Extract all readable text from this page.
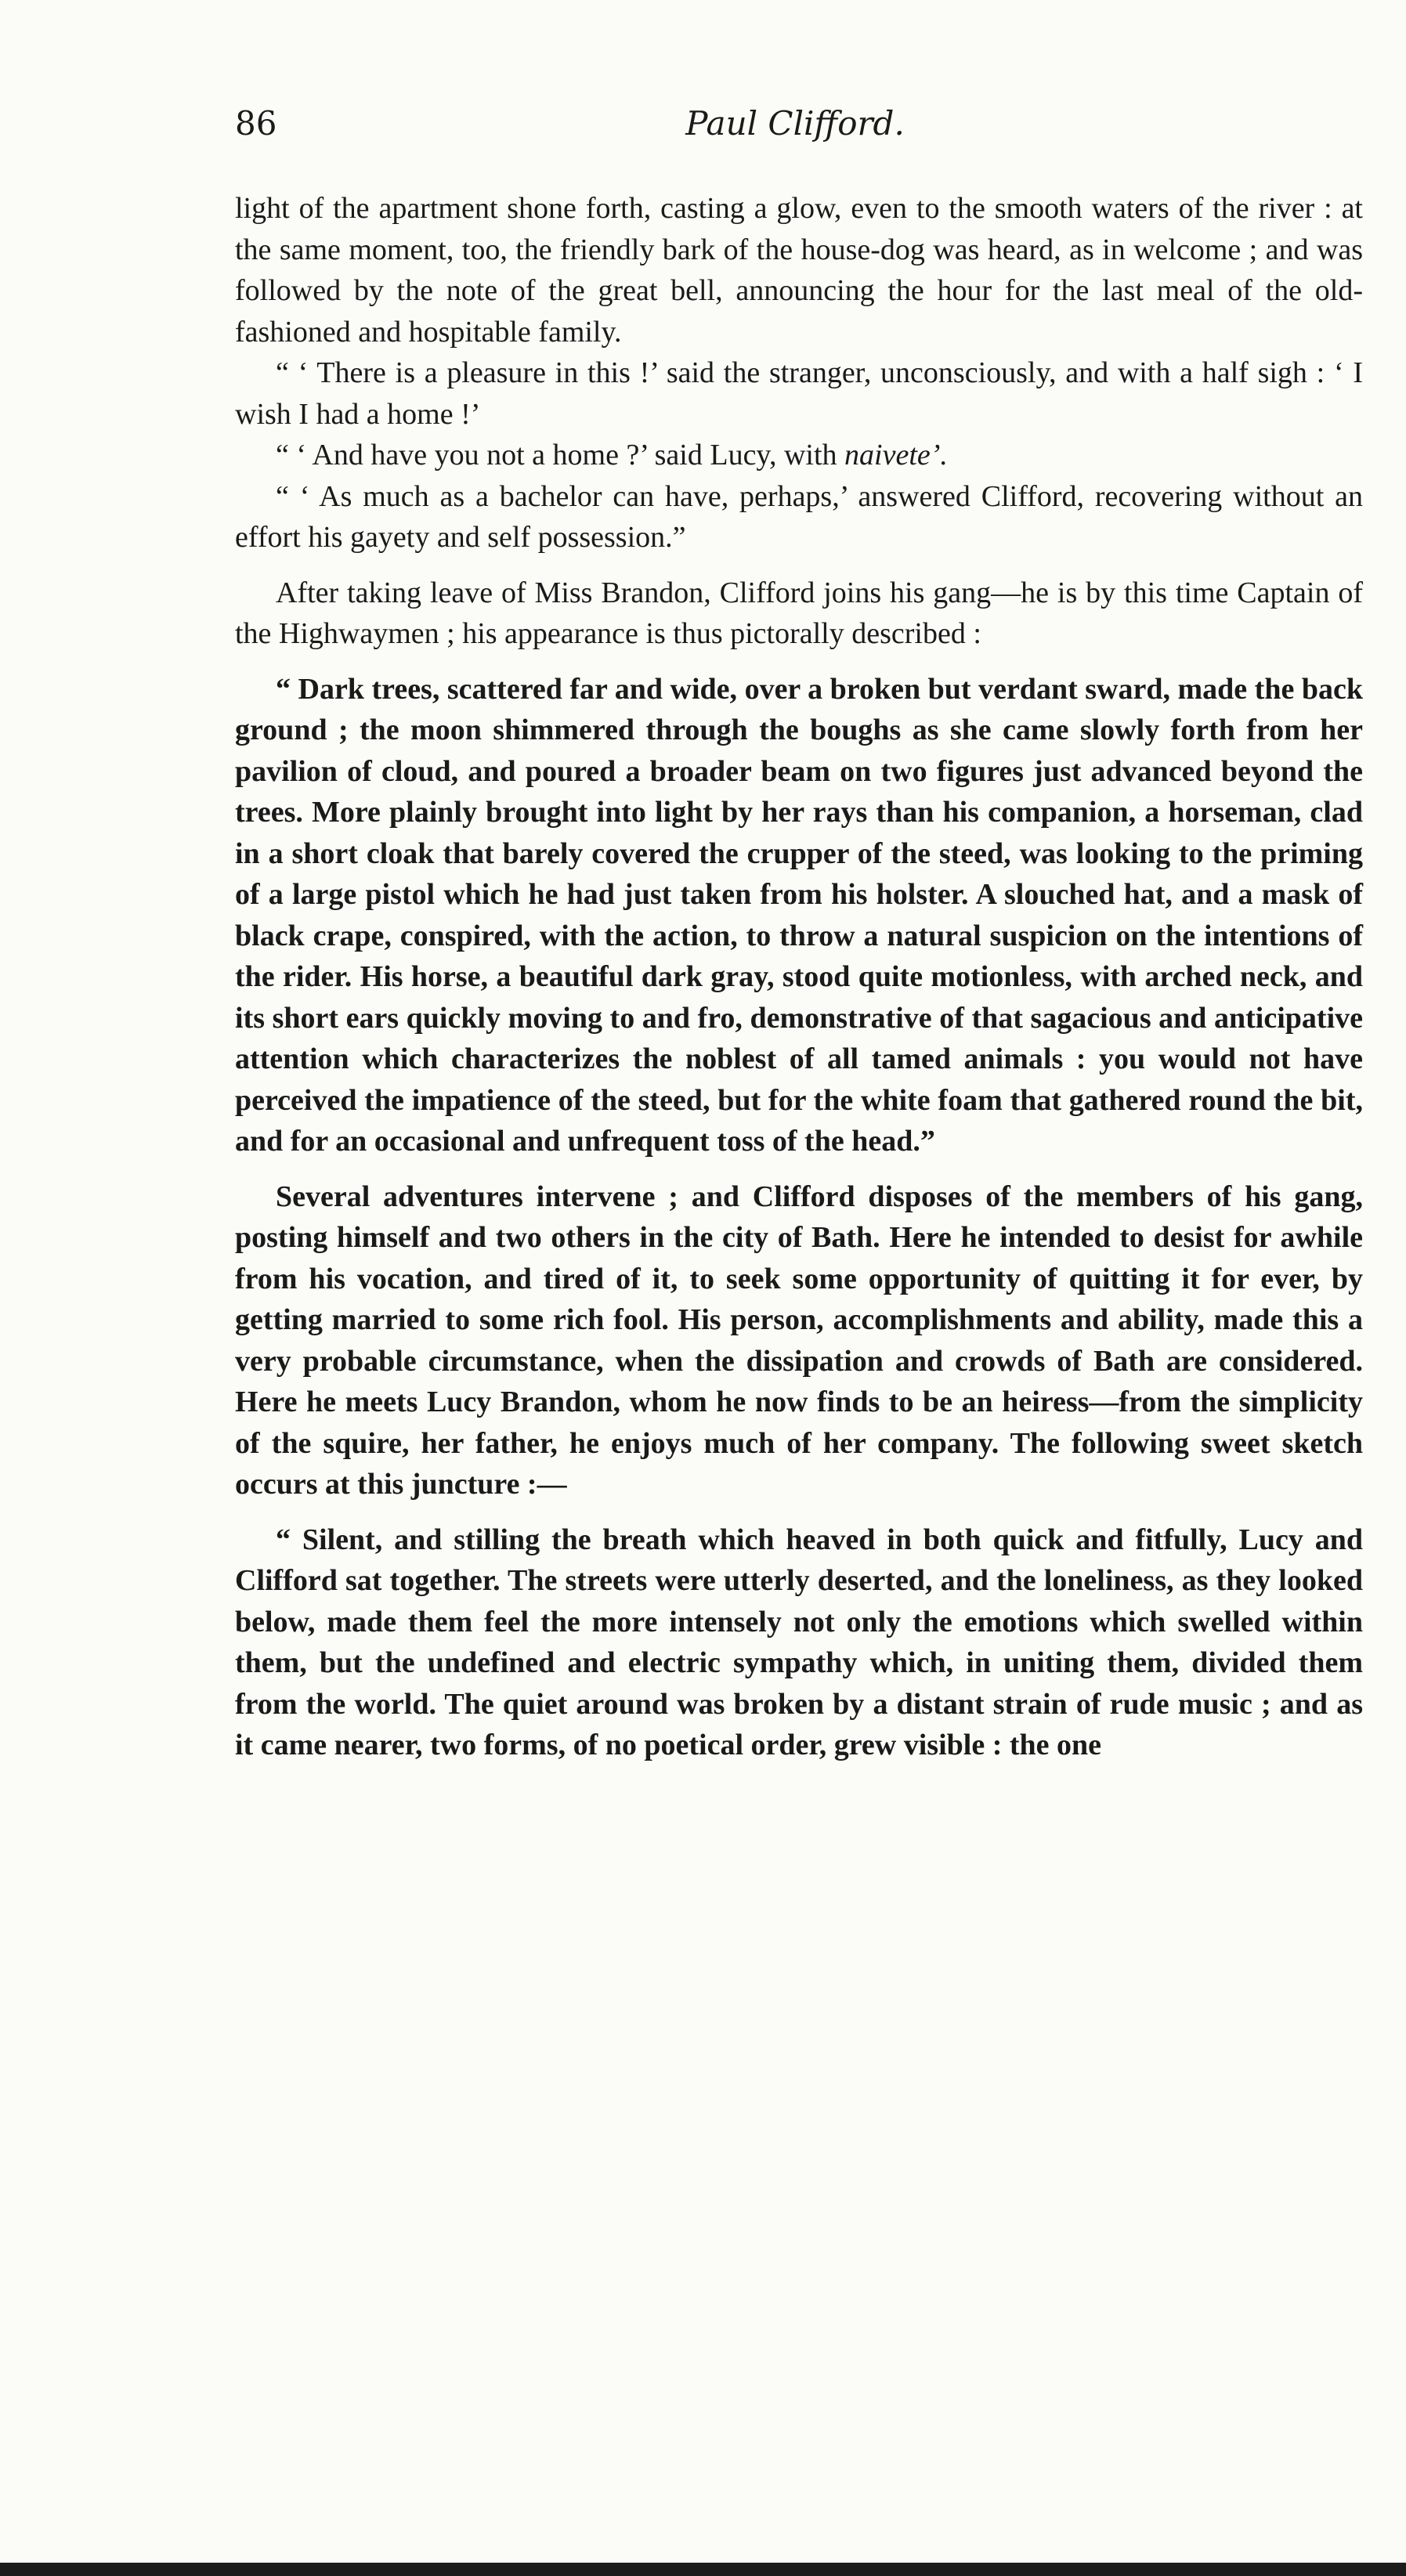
86	Paul Clifford.

light of the apartment shone forth, casting a glow, even to the smooth waters of the river : at the same moment, too, the friendly bark of the house-dog was heard, as in welcome ; and was followed by the note of the great bell, announcing the hour for the last meal of the old-fashioned and hospitable family.

“ ‘ There is a pleasure in this !’ said the stranger, unconsciously, and with a half sigh : ‘ I wish I had a home !’

“ ‘ And have you not a home ?’ said Lucy, with naivete’.

“ ‘ As much as a bachelor can have, perhaps,’ answered Clifford, recovering without an effort his gayety and self possession.”

After taking leave of Miss Brandon, Clifford joins his gang—he is by this time Captain of the Highwaymen ; his appearance is thus pictorally described :

“ Dark trees, scattered far and wide, over a broken but verdant sward, made the back ground ; the moon shimmered through the boughs as she came slowly forth from her pavilion of cloud, and poured a broader beam on two figures just advanced beyond the trees. More plainly brought into light by her rays than his companion, a horseman, clad in a short cloak that barely covered the crupper of the steed, was looking to the priming of a large pistol which he had just taken from his holster. A slouched hat, and a mask of black crape, conspired, with the action, to throw a natural suspicion on the intentions of the rider. His horse, a beautiful dark gray, stood quite motionless, with arched neck, and its short ears quickly moving to and fro, demonstrative of that sagacious and anticipative attention which characterizes the noblest of all tamed animals : you would not have perceived the impatience of the steed, but for the white foam that gathered round the bit, and for an occasional and unfrequent toss of the head.”

Several adventures intervene ; and Clifford disposes of the members of his gang, posting himself and two others in the city of Bath. Here he intended to desist for awhile from his vocation, and tired of it, to seek some opportunity of quitting it for ever, by getting married to some rich fool. His person, accomplishments and ability, made this a very probable circumstance, when the dissipation and crowds of Bath are considered. Here he meets Lucy Brandon, whom he now finds to be an heiress—from the simplicity of the squire, her father, he enjoys much of her company. The following sweet sketch occurs at this juncture :—

“ Silent, and stilling the breath which heaved in both quick and fitfully, Lucy and Clifford sat together. The streets were utterly deserted, and the loneliness, as they looked below, made them feel the more intensely not only the emotions which swelled within them, but the undefined and electric sympathy which, in uniting them, divided them from the world. The quiet around was broken by a distant strain of rude music ; and as it came nearer, two forms, of no poetical order, grew visible : the one
